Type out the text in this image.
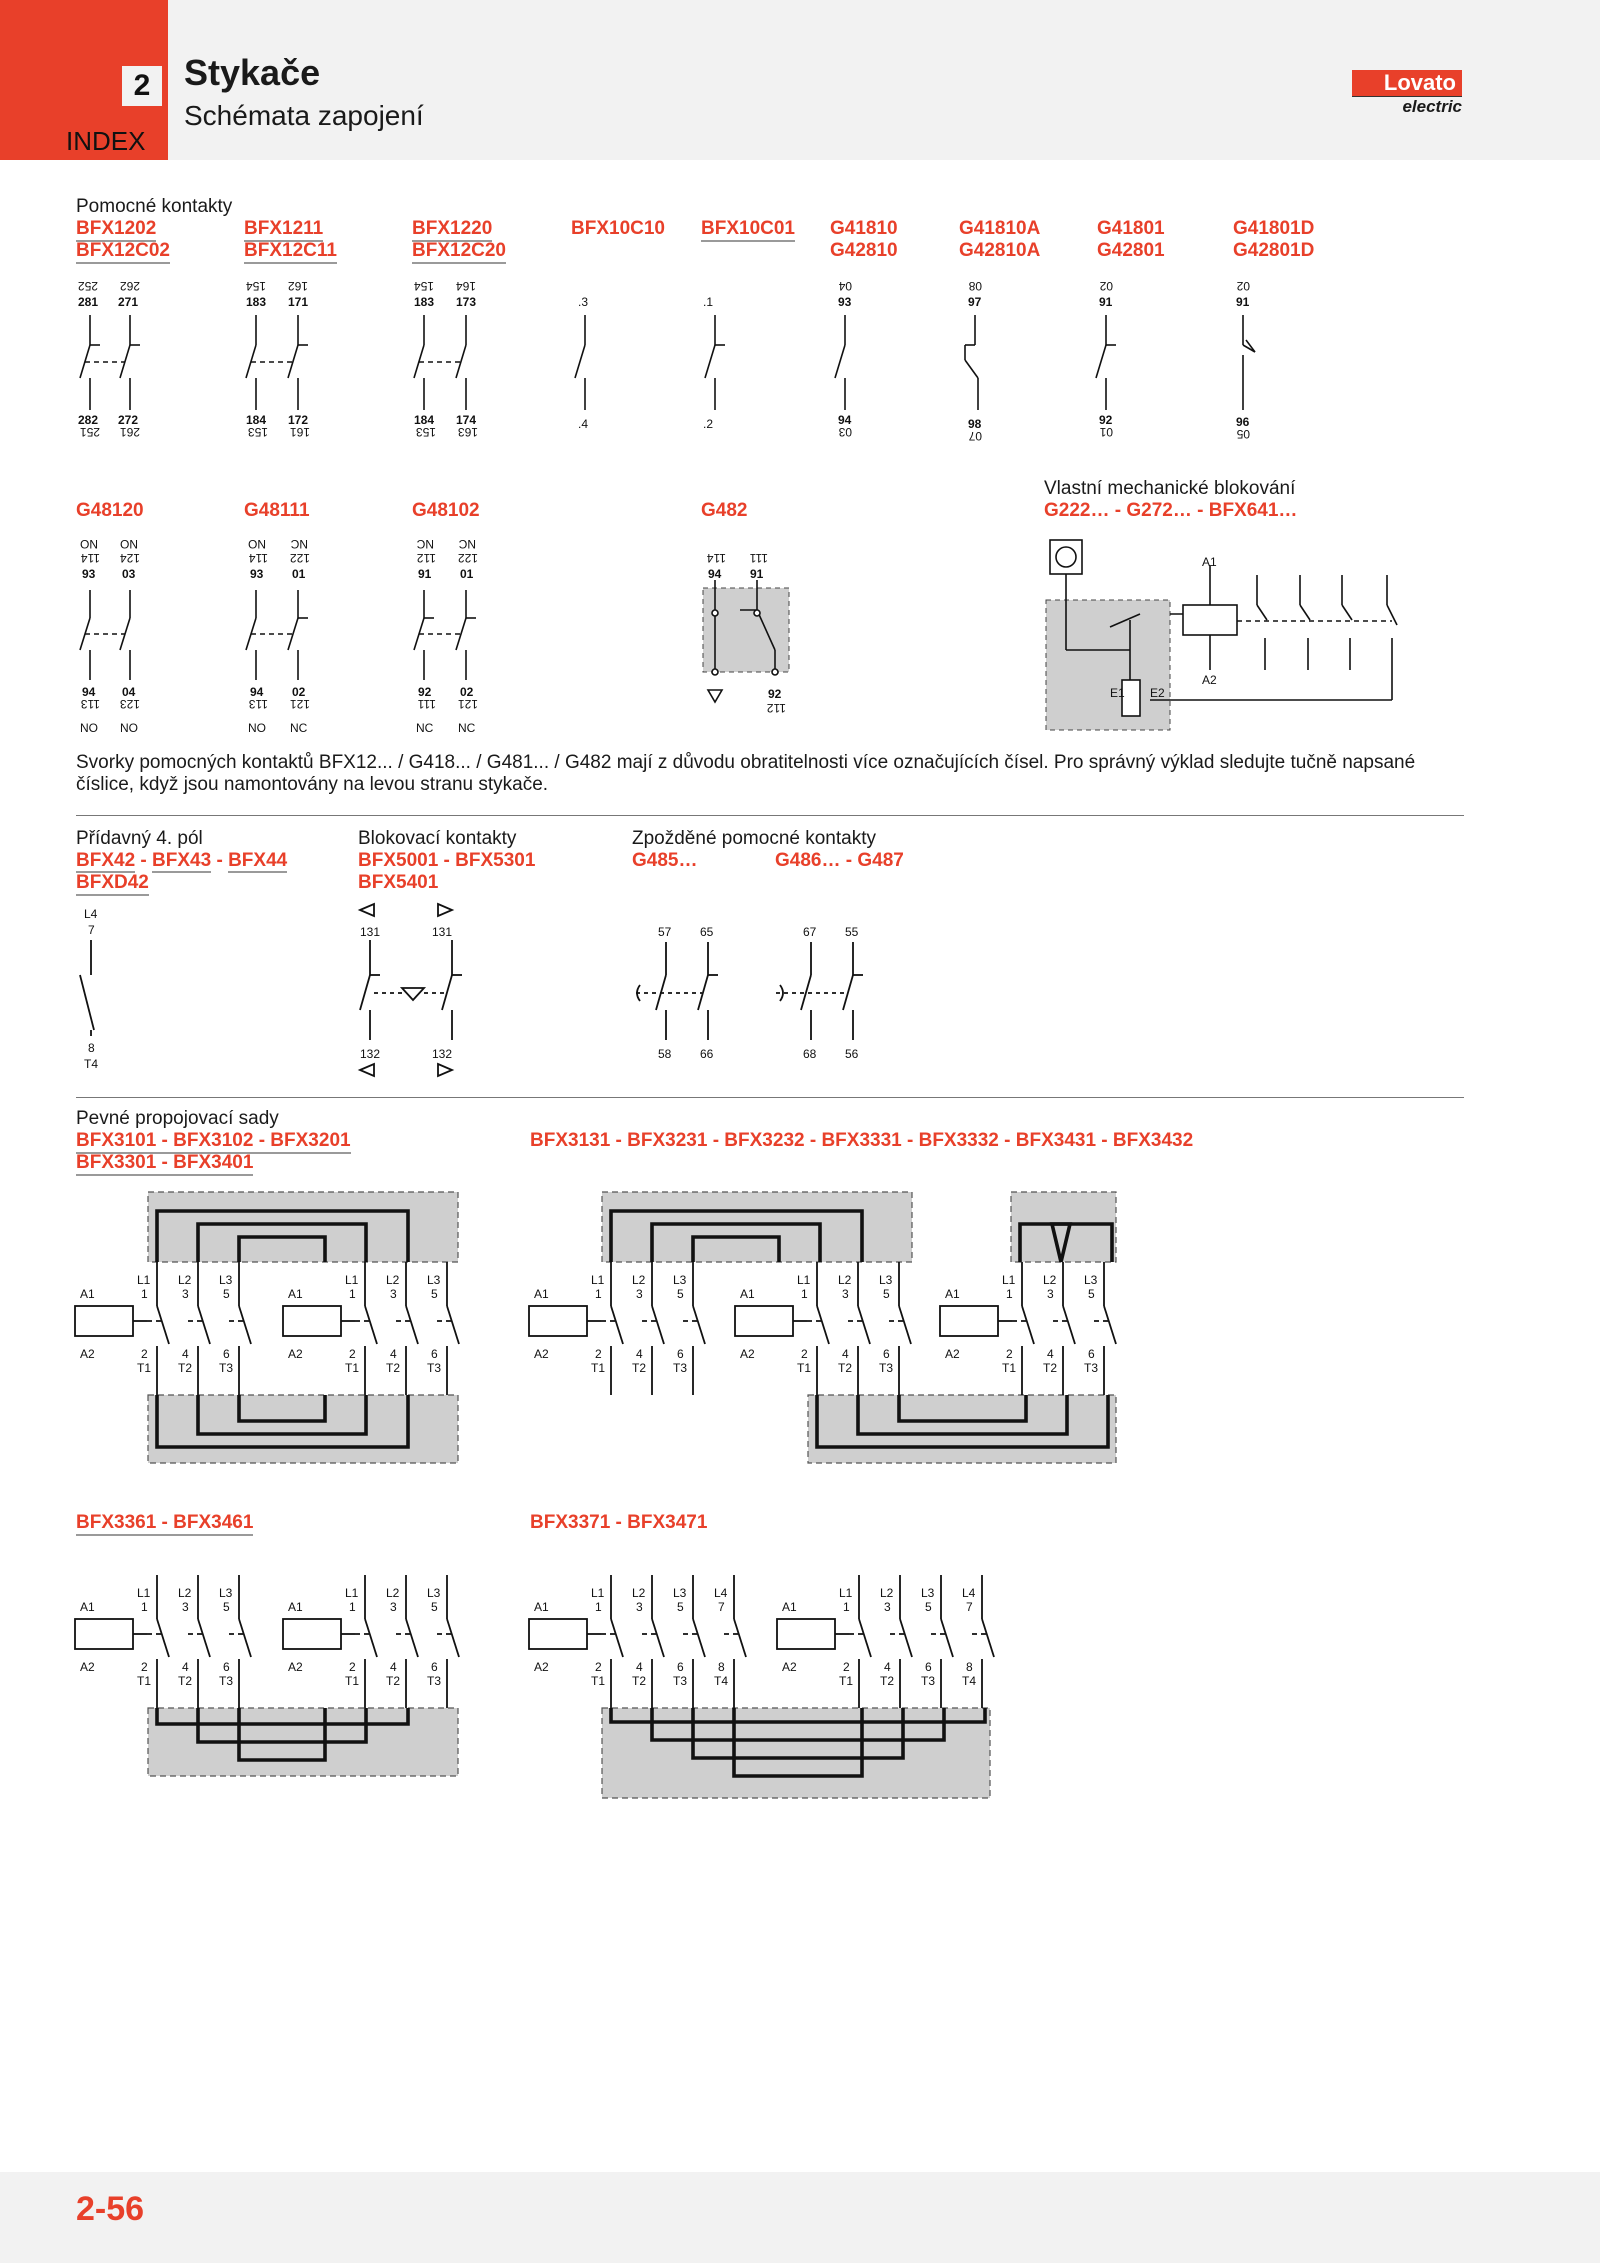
2
INDEX
Stykače
Schémata zapojení
Lovato
electric
Pomocné kontakty
BFX1202
BFX12C02
BFX1211
BFX12C11
BFX1220
BFX12C20
BFX10C10 BFX10C01 G41810
G42810
G41810A
G42810A
G41801
G42801
G41801D
G42801D
252 262
281 271
282 272
251 261
154 162
183 171
184 172
153 161
154 164
183 173
184 174
153 163
.3
.4
.1
.2
04
93
94
03
08
97
98
07
02
91
92
01
02
91
96
05
G48120	G48111	G48102	G482
Vlastní mechanické blokování
G222… - G272… - BFX641…
NO NO
114 124
93 03
94 04
113 123
NO NO
NO NC
114 122
93 01
94 02
113 121
NO NC
NC NC
112 122
91 01
92 02
111 121
NC NC
114 111
94 91
92
112
A1
A2
E1 E2
Svorky pomocných kontaktů BFX12... / G418... / G481... / G482 mají z důvodu obratitelnosti více označujících čísel. Pro správný výklad sledujte tučně napsané číslice, když jsou namontovány na levou stranu stykače.
Přídavný 4. pól
BFX42 - BFX43 - BFX44
BFXD42
Blokovací kontakty
BFX5001 - BFX5301
BFX5401
Zpožděné pomocné kontakty
G485…	G486… - G487
L4
7
8
T4
131	131
132	132
57 65	67 55
58 66	68 56
Pevné propojovací sady
BFX3101 - BFX3102 - BFX3201
BFX3301 - BFX3401
BFX3131 - BFX3231 - BFX3232 - BFX3331 - BFX3332 - BFX3431 - BFX3432
A1
A2
L1
1
2
T1
L2
3
4
T2
L3
5
6
T3
A1
A2
L1
1
2
T1
L2
3
4
T2
L3
5
6
T3
A1
A2
L1
1
2
T1
L2
3
4
T2
L3
5
6
T3
A1
A2
L1
1
2
T1
L2
3
4
T2
L3
5
6
T3
A1
A2
L1
1
2
T1
L2
3
4
T2
L3
5
6
T3
A1
A2
L1
1
2
T1
L2
3
4
T2
L3
5
6
T3
A1
A2
L1
1
2
T1
L2
3
4
T2
L3
5
6
T3
A1
A2
L1
1
2
T1
L2
3
4
T2
L3
5
6
T3
L4
7
8
T4
A1
A2
L1
1
2
T1
L2
3
4
T2
L3
5
6
T3
L4
7
8
T4
BFX3361 - BFX3461	BFX3371 - BFX3471
2-56
